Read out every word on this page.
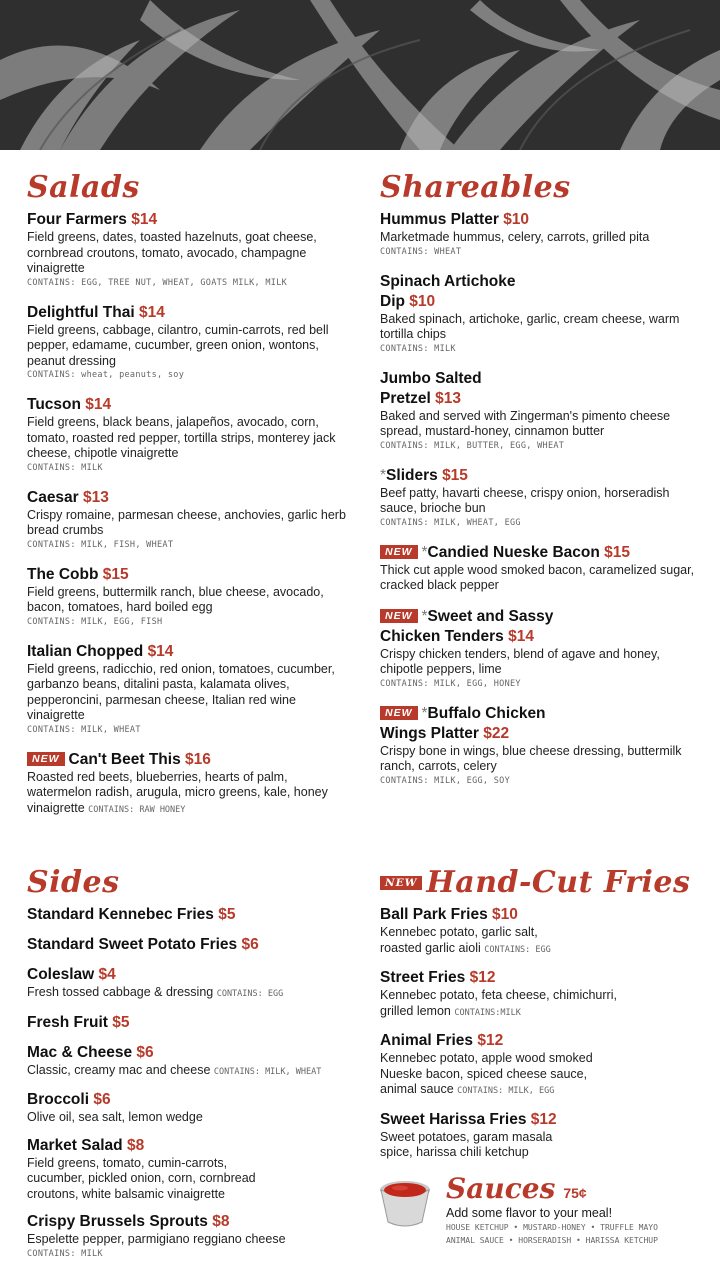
Salads
Four Farmers $14
Field greens, dates, toasted hazelnuts, goat cheese, cornbread croutons, tomato, avocado, champagne vinaigrette
CONTAINS: EGG, TREE NUT, WHEAT, GOATS MILK, MILK
Delightful Thai $14
Field greens, cabbage, cilantro, cumin-carrots, red bell pepper, edamame, cucumber, green onion, wontons, peanut dressing
CONTAINS: wheat, peanuts, soy
Tucson $14
Field greens, black beans, jalapeños, avocado, corn, tomato, roasted red pepper, tortilla strips, monterey jack cheese, chipotle vinaigrette
CONTAINS: MILK
Caesar $13
Crispy romaine, parmesan cheese, anchovies, garlic herb bread crumbs
CONTAINS: MILK, FISH, WHEAT
The Cobb $15
Field greens, buttermilk ranch, blue cheese, avocado, bacon, tomatoes, hard boiled egg
CONTAINS: MILK, EGG, FISH
Italian Chopped $14
Field greens, radicchio, red onion, tomatoes, cucumber, garbanzo beans, ditalini pasta, kalamata olives, pepperoncini, parmesan cheese, Italian red wine vinaigrette
CONTAINS: MILK, WHEAT
NEW Can't Beet This $16
Roasted red beets, blueberries, hearts of palm, watermelon radish, arugula, micro greens, kale, honey vinaigrette CONTAINS: RAW HONEY
Shareables
Hummus Platter $10
Marketmade hummus, celery, carrots, grilled pita
CONTAINS: WHEAT
Spinach Artichoke Dip $10
Baked spinach, artichoke, garlic, cream cheese, warm tortilla chips
CONTAINS: MILK
Jumbo Salted Pretzel $13
Baked and served with Zingerman's pimento cheese spread, mustard-honey, cinnamon butter
CONTAINS: MILK, BUTTER, EGG, WHEAT
*Sliders $15
Beef patty, havarti cheese, crispy onion, horseradish sauce, brioche bun
CONTAINS: MILK, WHEAT, EGG
NEW *Candied Nueske Bacon $15
Thick cut apple wood smoked bacon, caramelized sugar, cracked black pepper
NEW *Sweet and Sassy Chicken Tenders $14
Crispy chicken tenders, blend of agave and honey, chipotle peppers, lime
CONTAINS: MILK, EGG, HONEY
NEW *Buffalo Chicken Wings Platter $22
Crispy bone in wings, blue cheese dressing, buttermilk ranch, carrots, celery
CONTAINS: MILK, EGG, SOY
Sides
Standard Kennebec Fries $5
Standard Sweet Potato Fries $6
Coleslaw $4
Fresh tossed cabbage & dressing CONTAINS: EGG
Fresh Fruit $5
Mac & Cheese $6
Classic, creamy mac and cheese CONTAINS: MILK, WHEAT
Broccoli $6
Olive oil, sea salt, lemon wedge
Market Salad $8
Field greens, tomato, cumin-carrots, cucumber, pickled onion, corn, cornbread croutons, white balsamic vinaigrette
Crispy Brussels Sprouts $8
Espelette pepper, parmigiano reggiano cheese
CONTAINS: MILK
NEW Hand-Cut Fries
Ball Park Fries $10
Kennebec potato, garlic salt, roasted garlic aioli CONTAINS: EGG
Street Fries $12
Kennebec potato, feta cheese, chimichurri, grilled lemon CONTAINS:MILK
Animal Fries $12
Kennebec potato, apple wood smoked Nueske bacon, spiced cheese sauce, animal sauce CONTAINS: MILK, EGG
Sweet Harissa Fries $12
Sweet potatoes, garam masala spice, harissa chili ketchup
Sauces 75¢
Add some flavor to your meal!
HOUSE KETCHUP • MUSTARD-HONEY • TRUFFLE MAYO
ANIMAL SAUCE • HORSERADISH • HARISSA KETCHUP
